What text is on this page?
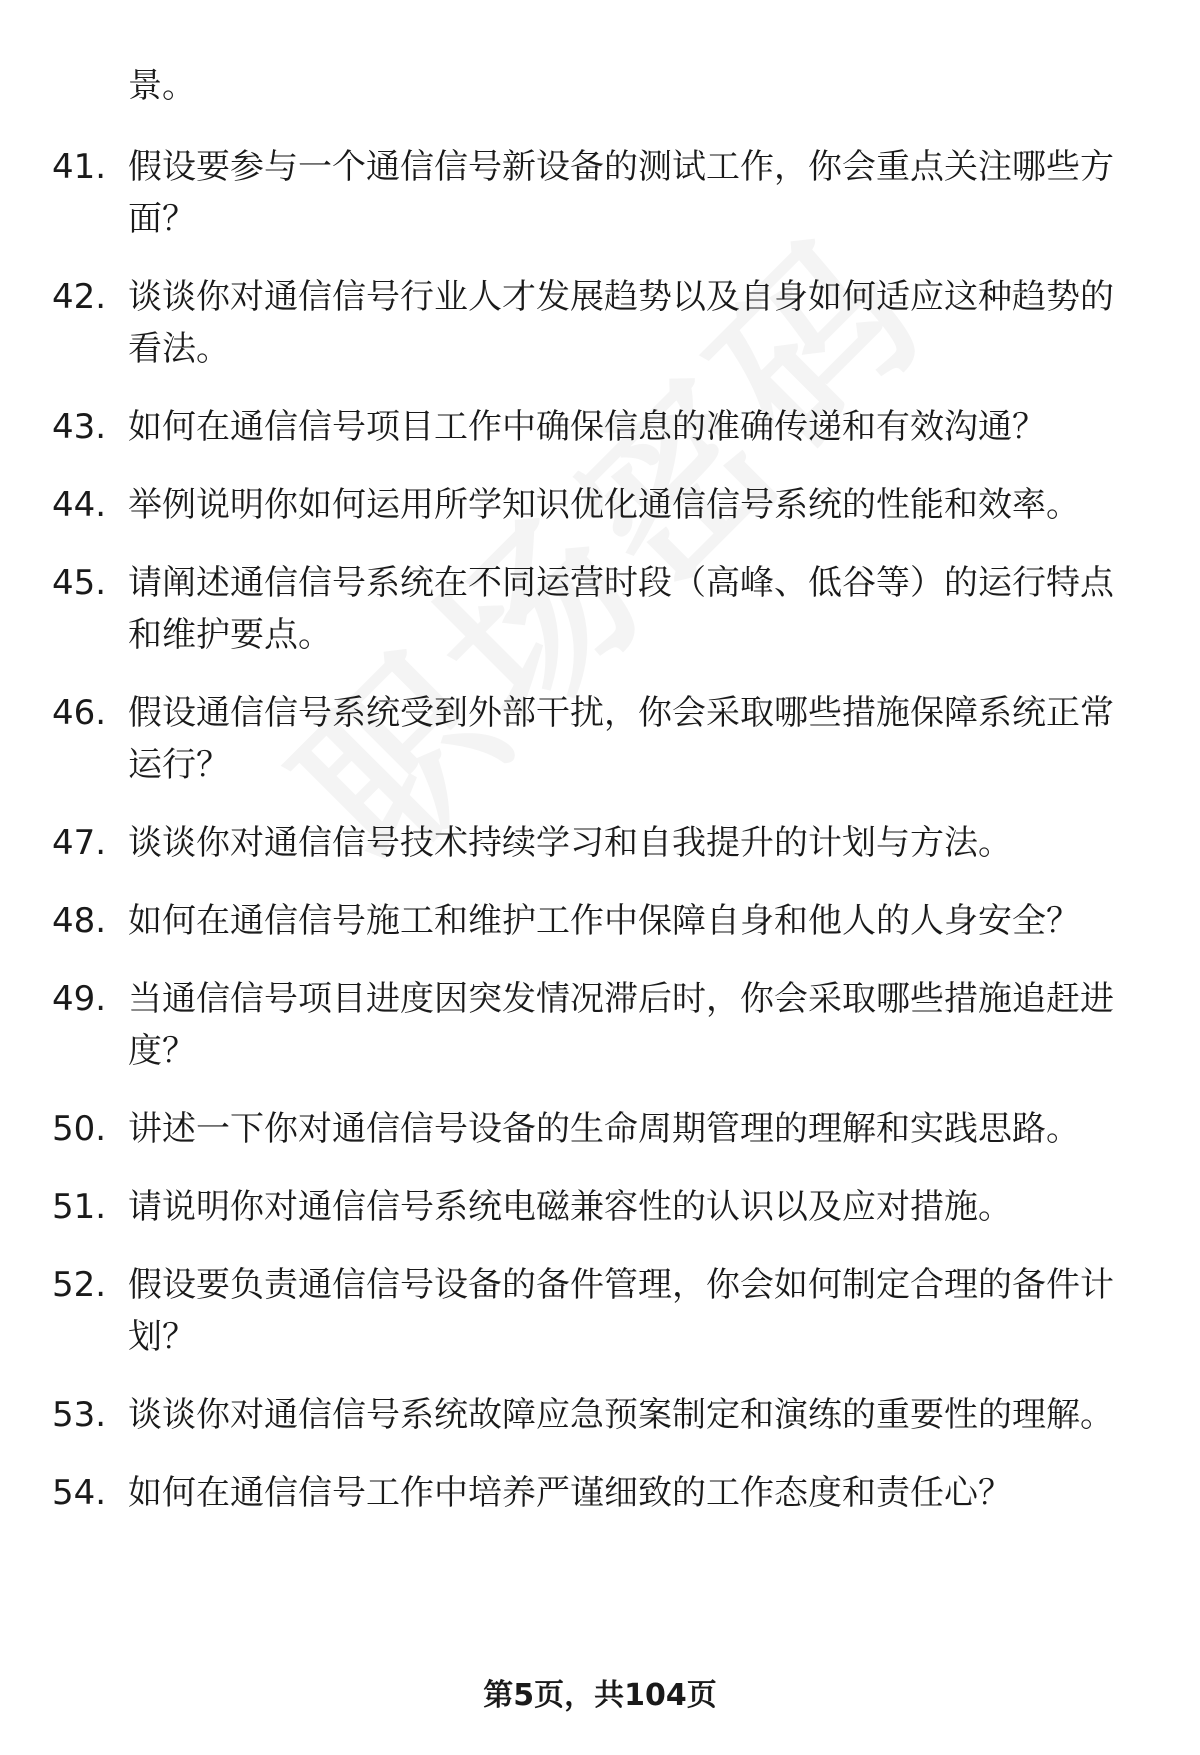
景。

41. 假设要参与一个通信信号新设备的测试工作，你会重点关注哪些方面？
42. 谈谈你对通信信号行业人才发展趋势以及自身如何适应这种趋势的看法。
43. 如何在通信信号项目工作中确保信息的准确传递和有效沟通？
44. 举例说明你如何运用所学知识优化通信信号系统的性能和效率。
45. 请阐述通信信号系统在不同运营时段（高峰、低谷等）的运行特点和维护要点。
46. 假设通信信号系统受到外部干扰，你会采取哪些措施保障系统正常运行？
47. 谈谈你对通信信号技术持续学习和自我提升的计划与方法。
48. 如何在通信信号施工和维护工作中保障自身和他人的人身安全？
49. 当通信信号项目进度因突发情况滞后时，你会采取哪些措施追赶进度？
50. 讲述一下你对通信信号设备的生命周期管理的理解和实践思路。
51. 请说明你对通信信号系统电磁兼容性的认识以及应对措施。
52. 假设要负责通信信号设备的备件管理，你会如何制定合理的备件计划？
53. 谈谈你对通信信号系统故障应急预案制定和演练的重要性的理解。
54. 如何在通信信号工作中培养严谨细致的工作态度和责任心？
第5页，共104页
